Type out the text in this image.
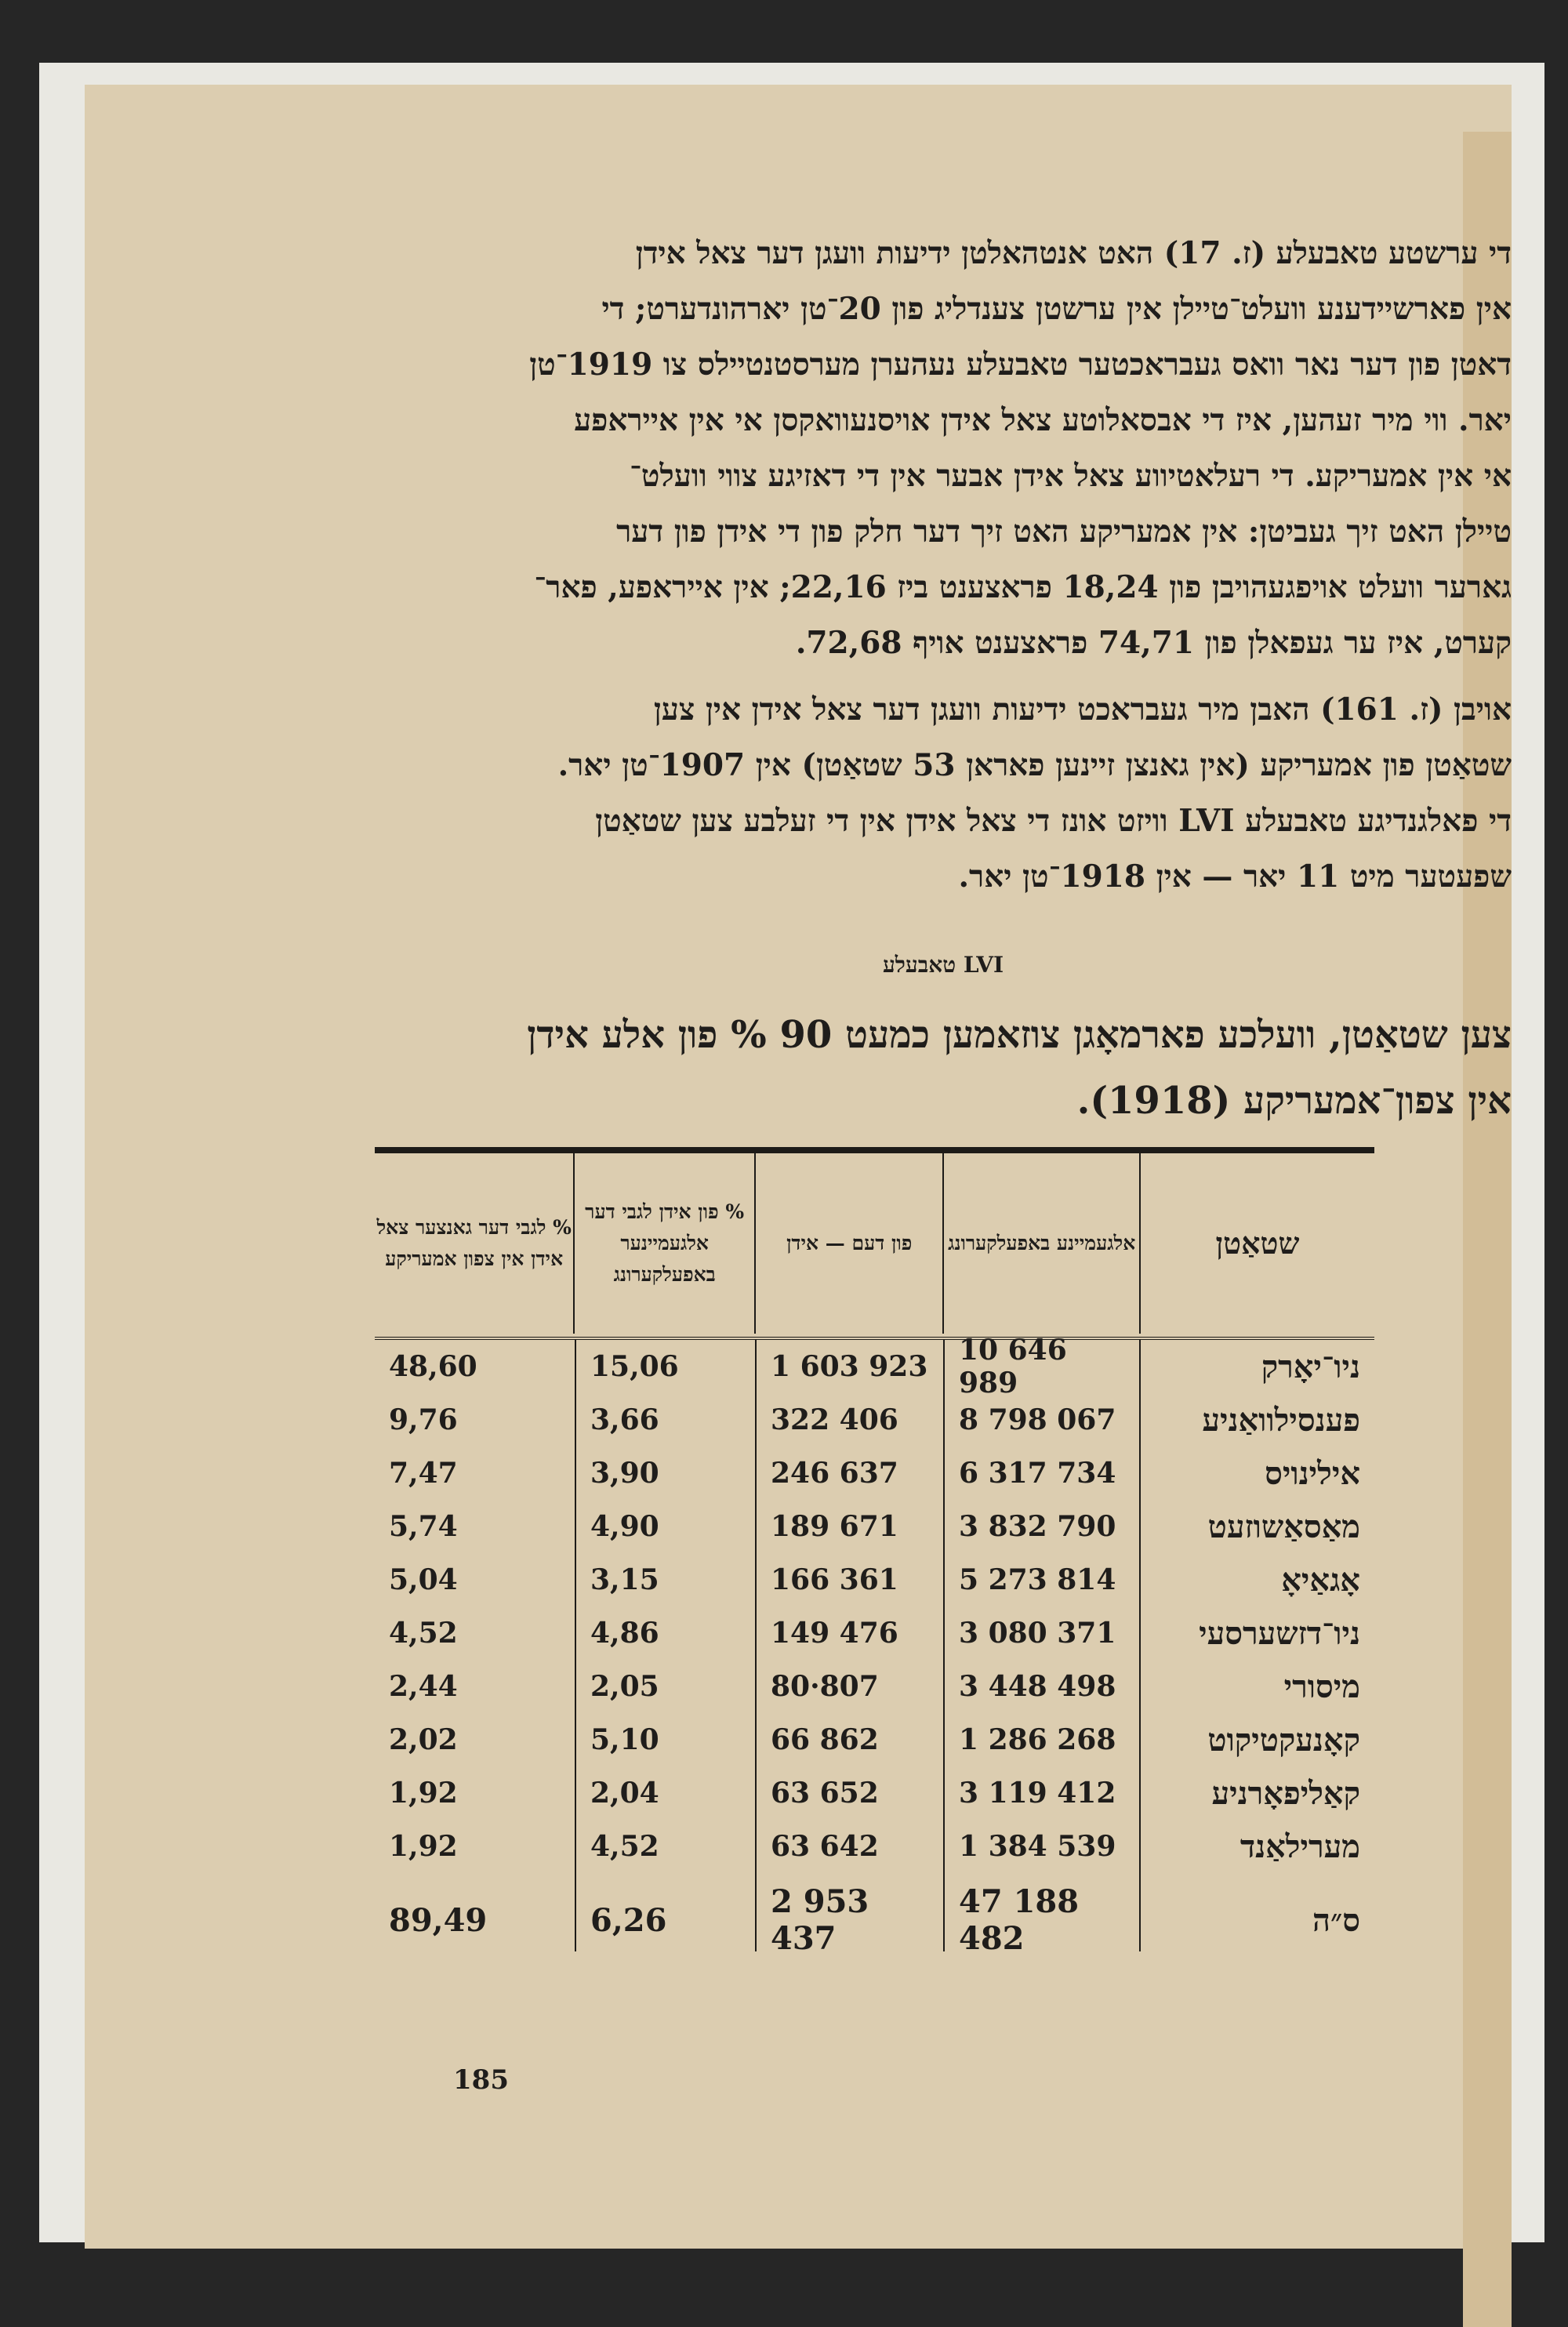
די ערשטע טאבעלע (ז. 17) האט אנטהאלטן ידיעות וועגן דער צאל אידן
אין פארשיידענע וועלט־טיילן אין ערשטן צענדליג פון 20־טן יארהונדערט; די
דאטן פון דער נאר וואס געבראכטער טאבעלע נעהערן מערסטנטיילס צו 1919־טן
יאר. ווי מיר זעהען, איז די אבסאלוטע צאל אידן אויסנעוואקסן אי אין אייראפע
אי אין אמעריקע. די רעלאטיווע צאל אידן אבער אין די דאזיגע צווי וועלט־
טיילן האט זיך געביטן: אין אמעריקע האט זיך דער חלק פון די אידן פון דער
גארער וועלט אויפגעהויבן פון 18,24 פראצענט ביז 22,16; אין אייראפע, פאר־
קערט, איז ער געפאלן פון 74,71 פראצענט אויף 72,68.
אויבן (ז. 161) האבן מיר געבראכט ידיעות וועגן דער צאל אידן אין צען
שטאַטן פון אמעריקע (אין גאנצן זיינען פאראן 53 שטאַטן) אין 1907־טן יאר.
די פאלגנדיגע טאבעלע LVI וויזט אונז די צאל אידן אין די זעלבע צען שטאַטן
שפעטער מיט 11 יאר — אין 1918־טן יאר.
טאבעלע LVI
צען שטאַטן, וועלכע פארמאָגן צוזאמען כמעט 90 % פון אלע אידן
אין צפון־אמעריקע (1918).
שטאַטן
אלגעמיינע באפעלקערונג
פון דעם — אידן
% פון אידן לגבי דער אלגעמיינער באפעלקערונג
% לגבי דער גאנצער צאל אידן אין צפון אמעריקע
ניו־יאָרק
10 646 989
1 603 923
15,06
48,60
פענסילוואַניע
8 798 067
322 406
3,66
9,76
אילינויס
6 317 734
246 637
3,90
7,47
מאַסאַשוזעט
3 832 790
189 671
4,90
5,74
אָגאַיאָ
5 273 814
166 361
3,15
5,04
ניו־דזשערסעי
3 080 371
149 476
4,86
4,52
מיסורי
3 448 498
80·807
2,05
2,44
קאָנעקטיקוט
1 286 268
66 862
5,10
2,02
קאַליפאָרניע
3 119 412
63 652
2,04
1,92
מערילאַנד
1 384 539
63 642
4,52
1,92
ס״ה
47 188 482
2 953 437
6,26
89,49
185
